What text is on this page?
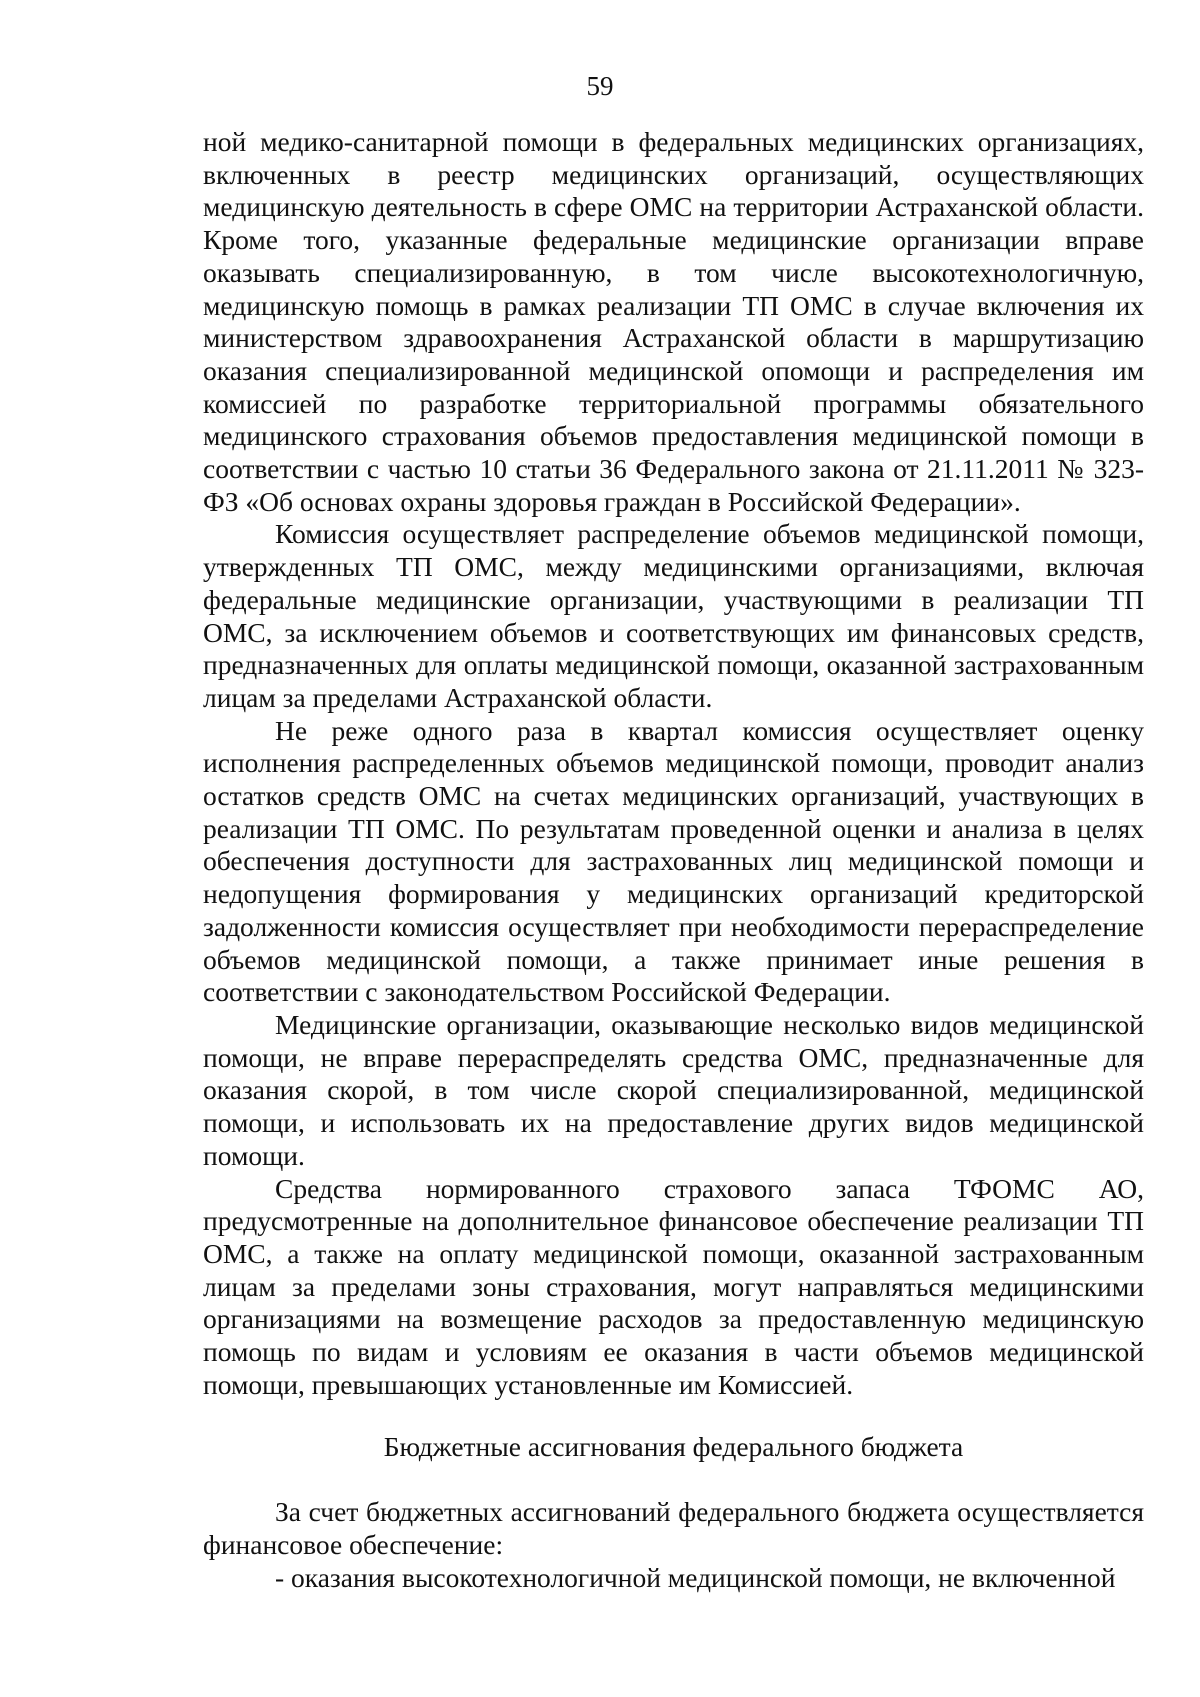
59

ной медико-санитарной помощи в федеральных медицинских организациях, включенных в реестр медицинских организаций, осуществляющих медицинскую деятельность в сфере ОМС на территории Астраханской области. Кроме того, указанные федеральные медицинские организации вправе оказывать специализированную, в том числе высокотехнологичную, медицинскую помощь в рамках реализации ТП ОМС в случае включения их министерством здравоохранения Астраханской области в маршрутизацию оказания специализированной медицинской опомощи и распределения им комиссией по разработке территориальной программы обязательного медицинского страхования объемов предоставления медицинской помощи в соответствии с частью 10 статьи 36 Федерального закона от 21.11.2011 № 323-ФЗ «Об основах охраны здоровья граждан в Российской Федерации».

Комиссия осуществляет распределение объемов медицинской помощи, утвержденных ТП ОМС, между медицинскими организациями, включая федеральные медицинские организации, участвующими в реализации ТП ОМС, за исключением объемов и соответствующих им финансовых средств, предназначенных для оплаты медицинской помощи, оказанной застрахованным лицам за пределами Астраханской области.

Не реже одного раза в квартал комиссия осуществляет оценку исполнения распределенных объемов медицинской помощи, проводит анализ остатков средств ОМС на счетах медицинских организаций, участвующих в реализации ТП ОМС. По результатам проведенной оценки и анализа в целях обеспечения доступности для застрахованных лиц медицинской помощи и недопущения формирования у медицинских организаций кредиторской задолженности комиссия осуществляет при необходимости перераспределение объемов медицинской помощи, а также принимает иные решения в соответствии с законодательством Российской Федерации.

Медицинские организации, оказывающие несколько видов медицинской помощи, не вправе перераспределять средства ОМС, предназначенные для оказания скорой, в том числе скорой специализированной, медицинской помощи, и использовать их на предоставление других видов медицинской помощи.

Средства нормированного страхового запаса ТФОМС АО, предусмотренные на дополнительное финансовое обеспечение реализации ТП ОМС, а также на оплату медицинской помощи, оказанной застрахованным лицам за пределами зоны страхования, могут направляться медицинскими организациями на возмещение расходов за предоставленную медицинскую помощь по видам и условиям ее оказания в части объемов медицинской помощи, превышающих установленные им Комиссией.

Бюджетные ассигнования федерального бюджета

За счет бюджетных ассигнований федерального бюджета осуществляется финансовое обеспечение:

- оказания высокотехнологичной медицинской помощи, не включенной
